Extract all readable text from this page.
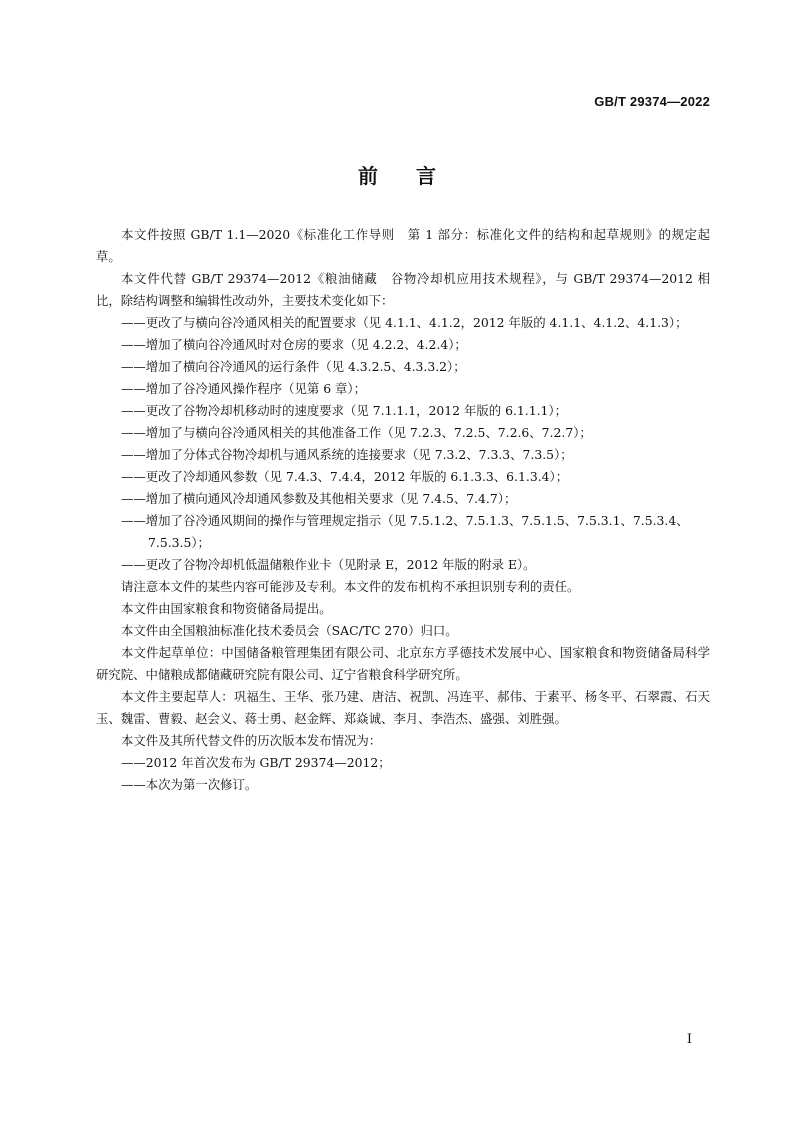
GB/T 29374—2022
前言

本文件按照 GB/T 1.1—2020《标准化工作导则　第 1 部分：标准化文件的结构和起草规则》的规定起草。

本文件代替 GB/T 29374—2012《粮油储藏　谷物冷却机应用技术规程》，与 GB/T 29374—2012 相比，除结构调整和编辑性改动外，主要技术变化如下：

——更改了与横向谷冷通风相关的配置要求（见 4.1.1、4.1.2，2012 年版的 4.1.1、4.1.2、4.1.3）；

——增加了横向谷冷通风时对仓房的要求（见 4.2.2、4.2.4）；

——增加了横向谷冷通风的运行条件（见 4.3.2.5、4.3.3.2）；

——增加了谷冷通风操作程序（见第 6 章）；

——更改了谷物冷却机移动时的速度要求（见 7.1.1.1，2012 年版的 6.1.1.1）；

——增加了与横向谷冷通风相关的其他准备工作（见 7.2.3、7.2.5、7.2.6、7.2.7）；

——增加了分体式谷物冷却机与通风系统的连接要求（见 7.3.2、7.3.3、7.3.5）；

——更改了冷却通风参数（见 7.4.3、7.4.4，2012 年版的 6.1.3.3、6.1.3.4）；

——增加了横向通风冷却通风参数及其他相关要求（见 7.4.5、7.4.7）；

——增加了谷冷通风期间的操作与管理规定指示（见 7.5.1.2、7.5.1.3、7.5.1.5、7.5.3.1、7.5.3.4、7.5.3.5）；

——更改了谷物冷却机低温储粮作业卡（见附录 E，2012 年版的附录 E）。

请注意本文件的某些内容可能涉及专利。本文件的发布机构不承担识别专利的责任。

本文件由国家粮食和物资储备局提出。

本文件由全国粮油标准化技术委员会（SAC/TC 270）归口。

本文件起草单位：中国储备粮管理集团有限公司、北京东方孚德技术发展中心、国家粮食和物资储备局科学研究院、中储粮成都储藏研究院有限公司、辽宁省粮食科学研究所。

本文件主要起草人：巩福生、王华、张乃建、唐洁、祝凯、冯连平、郝伟、于素平、杨冬平、石翠霞、石天玉、魏雷、曹毅、赵会义、蒋士勇、赵金辉、郑焱诚、李月、李浩杰、盛强、刘胜强。

本文件及其所代替文件的历次版本发布情况为：

——2012 年首次发布为 GB/T 29374—2012；

——本次为第一次修订。

I
